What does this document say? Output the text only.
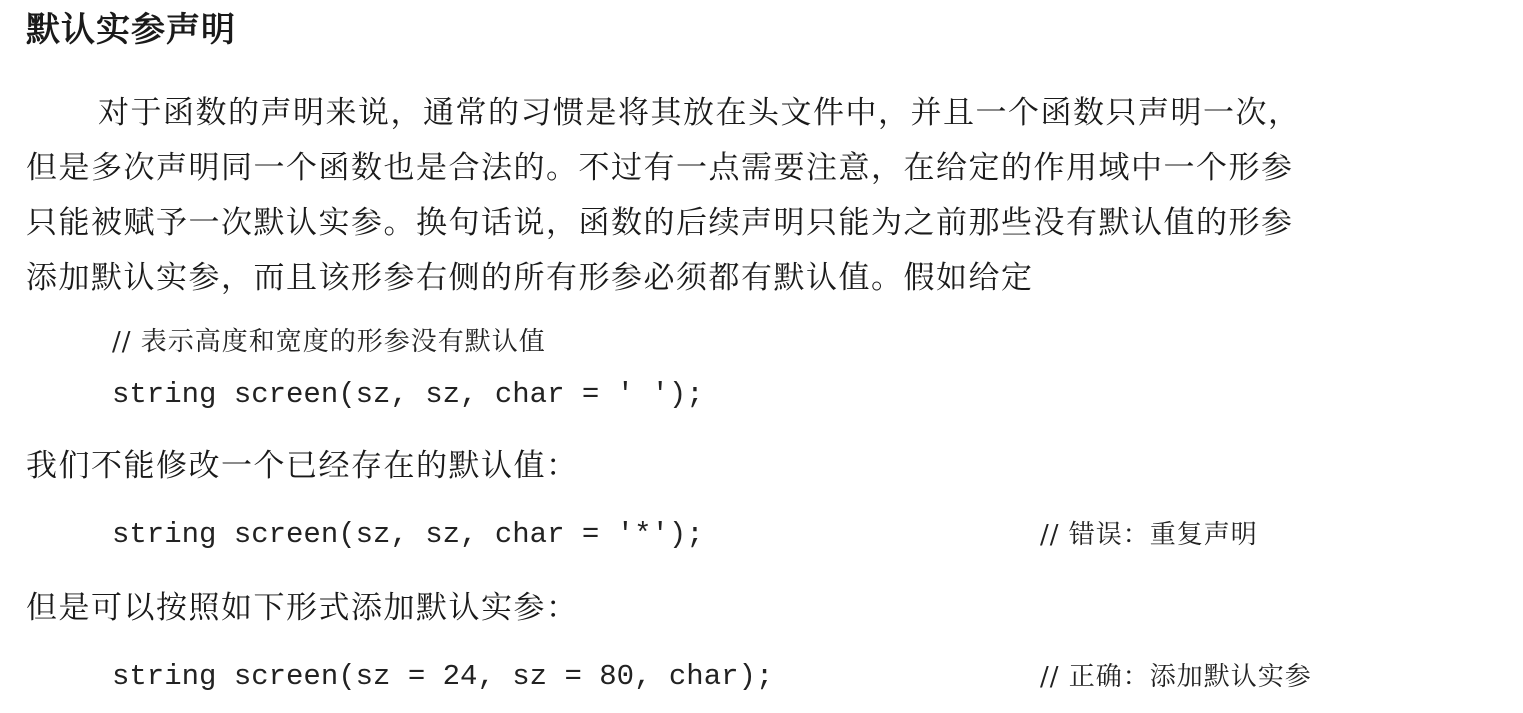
默认实参声明
对于函数的声明来说，通常的习惯是将其放在头文件中，并且一个函数只声明一次，
但是多次声明同一个函数也是合法的。不过有一点需要注意，在给定的作用域中一个形参
只能被赋予一次默认实参。换句话说，函数的后续声明只能为之前那些没有默认值的形参
添加默认实参，而且该形参右侧的所有形参必须都有默认值。假如给定
// 表示高度和宽度的形参没有默认值
string screen(sz, sz, char = ' ');
我们不能修改一个已经存在的默认值：
string screen(sz, sz, char = '*');	// 错误：重复声明
但是可以按照如下形式添加默认实参：
string screen(sz = 24, sz = 80, char);	// 正确：添加默认实参
